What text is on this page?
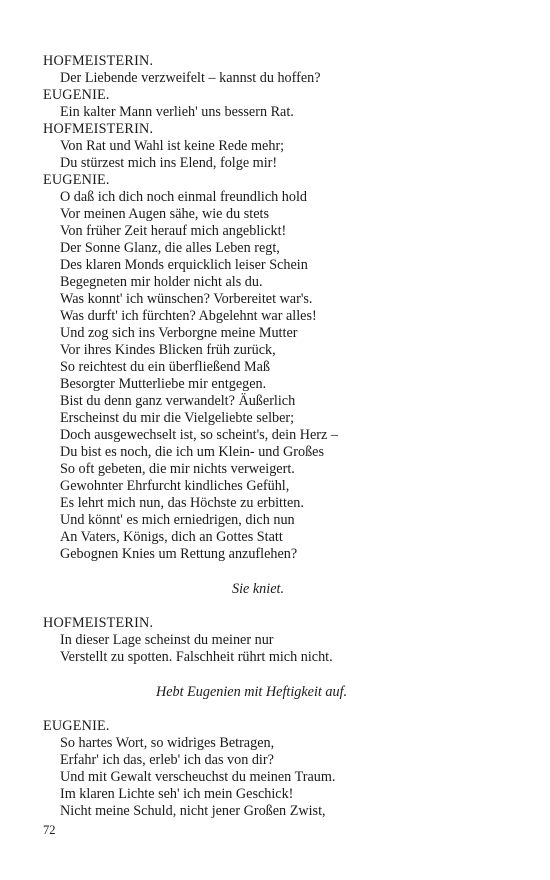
HOFMEISTERIN.
Der Liebende verzweifelt – kannst du hoffen?
EUGENIE.
Ein kalter Mann verlieh' uns bessern Rat.
HOFMEISTERIN.
Von Rat und Wahl ist keine Rede mehr;
Du stürzest mich ins Elend, folge mir!
EUGENIE.
O daß ich dich noch einmal freundlich hold
Vor meinen Augen sähe, wie du stets
Von früher Zeit herauf mich angeblickt!
Der Sonne Glanz, die alles Leben regt,
Des klaren Monds erquicklich leiser Schein
Begegneten mir holder nicht als du.
Was konnt' ich wünschen? Vorbereitet war's.
Was durft' ich fürchten? Abgelehnt war alles!
Und zog sich ins Verborgne meine Mutter
Vor ihres Kindes Blicken früh zurück,
So reichtest du ein überfließend Maß
Besorgter Mutterliebe mir entgegen.
Bist du denn ganz verwandelt? Äußerlich
Erscheinst du mir die Vielgeliebte selber;
Doch ausgewechselt ist, so scheint's, dein Herz –
Du bist es noch, die ich um Klein- und Großes
So oft gebeten, die mir nichts verweigert.
Gewohnter Ehrfurcht kindliches Gefühl,
Es lehrt mich nun, das Höchste zu erbitten.
Und könnt' es mich erniedrigen, dich nun
An Vaters, Königs, dich an Gottes Statt
Gebognen Knies um Rettung anzuflehen?
Sie kniet.
HOFMEISTERIN.
In dieser Lage scheinst du meiner nur
Verstellt zu spotten. Falschheit rührt mich nicht.
Hebt Eugenien mit Heftigkeit auf.
EUGENIE.
So hartes Wort, so widriges Betragen,
Erfahr' ich das, erleb' ich das von dir?
Und mit Gewalt verscheuchst du meinen Traum.
Im klaren Lichte seh' ich mein Geschick!
Nicht meine Schuld, nicht jener Großen Zwist,
72
